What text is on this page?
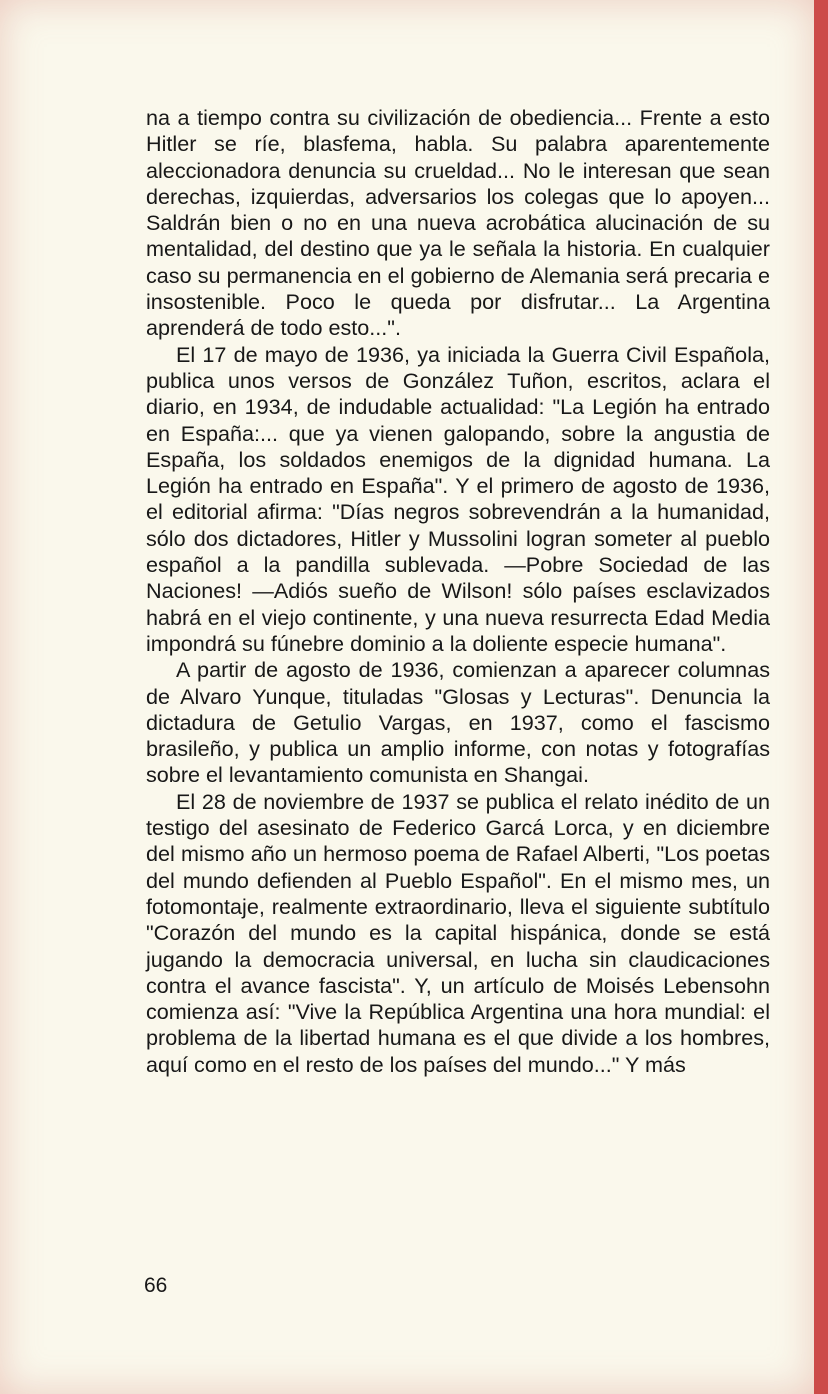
na a tiempo contra su civilización de obediencia... Frente a esto Hitler se ríe, blasfema, habla. Su palabra aparentemente aleccionadora denuncia su crueldad... No le interesan que sean derechas, izquierdas, adversarios los colegas que lo apoyen... Saldrán bien o no en una nueva acrobática alucinación de su mentalidad, del destino que ya le señala la historia. En cualquier caso su permanencia en el gobierno de Alemania será precaria e insostenible. Poco le queda por disfrutar... La Argentina aprenderá de todo esto...".

El 17 de mayo de 1936, ya iniciada la Guerra Civil Española, publica unos versos de González Tuñon, escritos, aclara el diario, en 1934, de indudable actualidad: "La Legión ha entrado en España:... que ya vienen galopando, sobre la angustia de España, los soldados enemigos de la dignidad humana. La Legión ha entrado en España". Y el primero de agosto de 1936, el editorial afirma: "Días negros sobrevendrán a la humanidad, sólo dos dictadores, Hitler y Mussolini logran someter al pueblo español a la pandilla sublevada. —Pobre Sociedad de las Naciones! —Adiós sueño de Wilson! sólo países esclavizados habrá en el viejo continente, y una nueva resurrecta Edad Media impondrá su fúnebre dominio a la doliente especie humana".

A partir de agosto de 1936, comienzan a aparecer columnas de Alvaro Yunque, tituladas "Glosas y Lecturas". Denuncia la dictadura de Getulio Vargas, en 1937, como el fascismo brasileño, y publica un amplio informe, con notas y fotografías sobre el levantamiento comunista en Shangai.

El 28 de noviembre de 1937 se publica el relato inédito de un testigo del asesinato de Federico Garcá Lorca, y en diciembre del mismo año un hermoso poema de Rafael Alberti, "Los poetas del mundo defienden al Pueblo Español". En el mismo mes, un fotomontaje, realmente extraordinario, lleva el siguiente subtítulo "Corazón del mundo es la capital hispánica, donde se está jugando la democracia universal, en lucha sin claudicaciones contra el avance fascista". Y, un artículo de Moisés Lebensohn comienza así: "Vive la República Argentina una hora mundial: el problema de la libertad humana es el que divide a los hombres, aquí como en el resto de los países del mundo..." Y más

66
